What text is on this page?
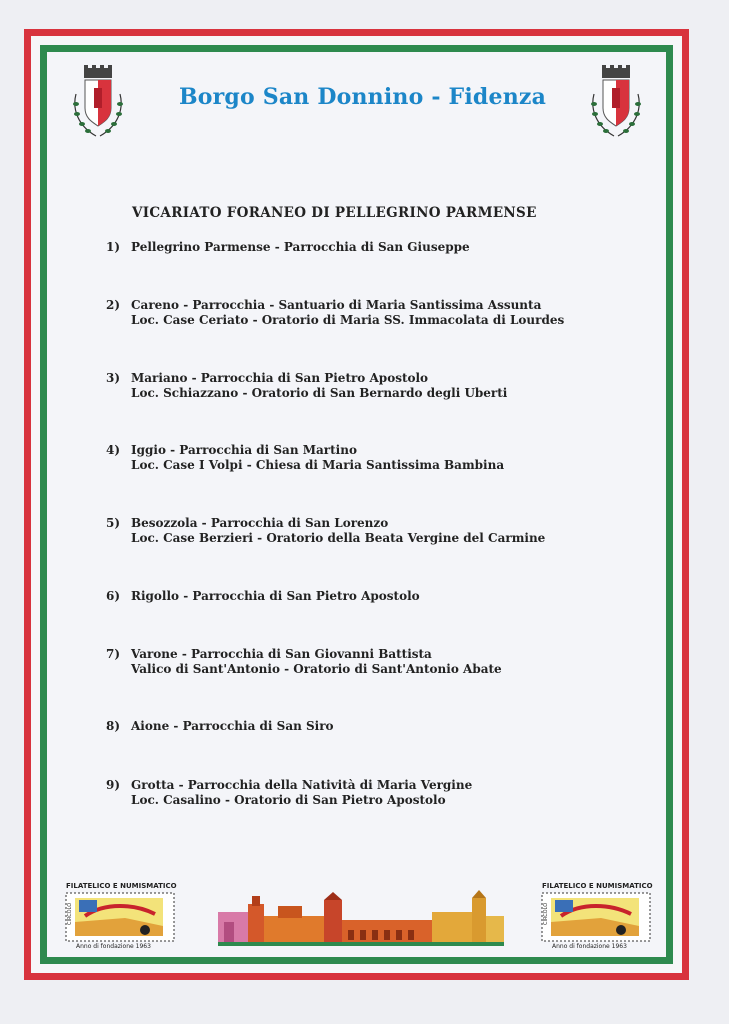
Borgo San Donnino - Fidenza
VICARIATO FORANEO DI PELLEGRINO PARMENSE
1) Pellegrino Parmense - Parrocchia di San Giuseppe
2) Careno - Parrocchia - Santuario di Maria Santissima Assunta
Loc. Case Ceriato - Oratorio di Maria SS. Immacolata di Lourdes
3) Mariano - Parrocchia di San Pietro Apostolo
Loc. Schiazzano - Oratorio di San Bernardo degli Uberti
4) Iggio - Parrocchia di San Martino
Loc. Case I Volpi - Chiesa di Maria Santissima Bambina
5) Besozzola - Parrocchia di San Lorenzo
Loc. Case Berzieri - Oratorio della Beata Vergine del Carmine
6) Rigollo - Parrocchia di San Pietro Apostolo
7) Varone - Parrocchia di San Giovanni Battista
Valico di Sant'Antonio - Oratorio di Sant'Antonio Abate
8) Aione - Parrocchia di San Siro
9) Grotta - Parrocchia della Natività di Maria Vergine
Loc. Casalino - Oratorio di San Pietro Apostolo
FILATELICO E NUMISMATICO
CIRCOLO
Anno di fondazione 1963
FILATELICO E NUMISMATICO
CIRCOLO
Anno di fondazione 1963
